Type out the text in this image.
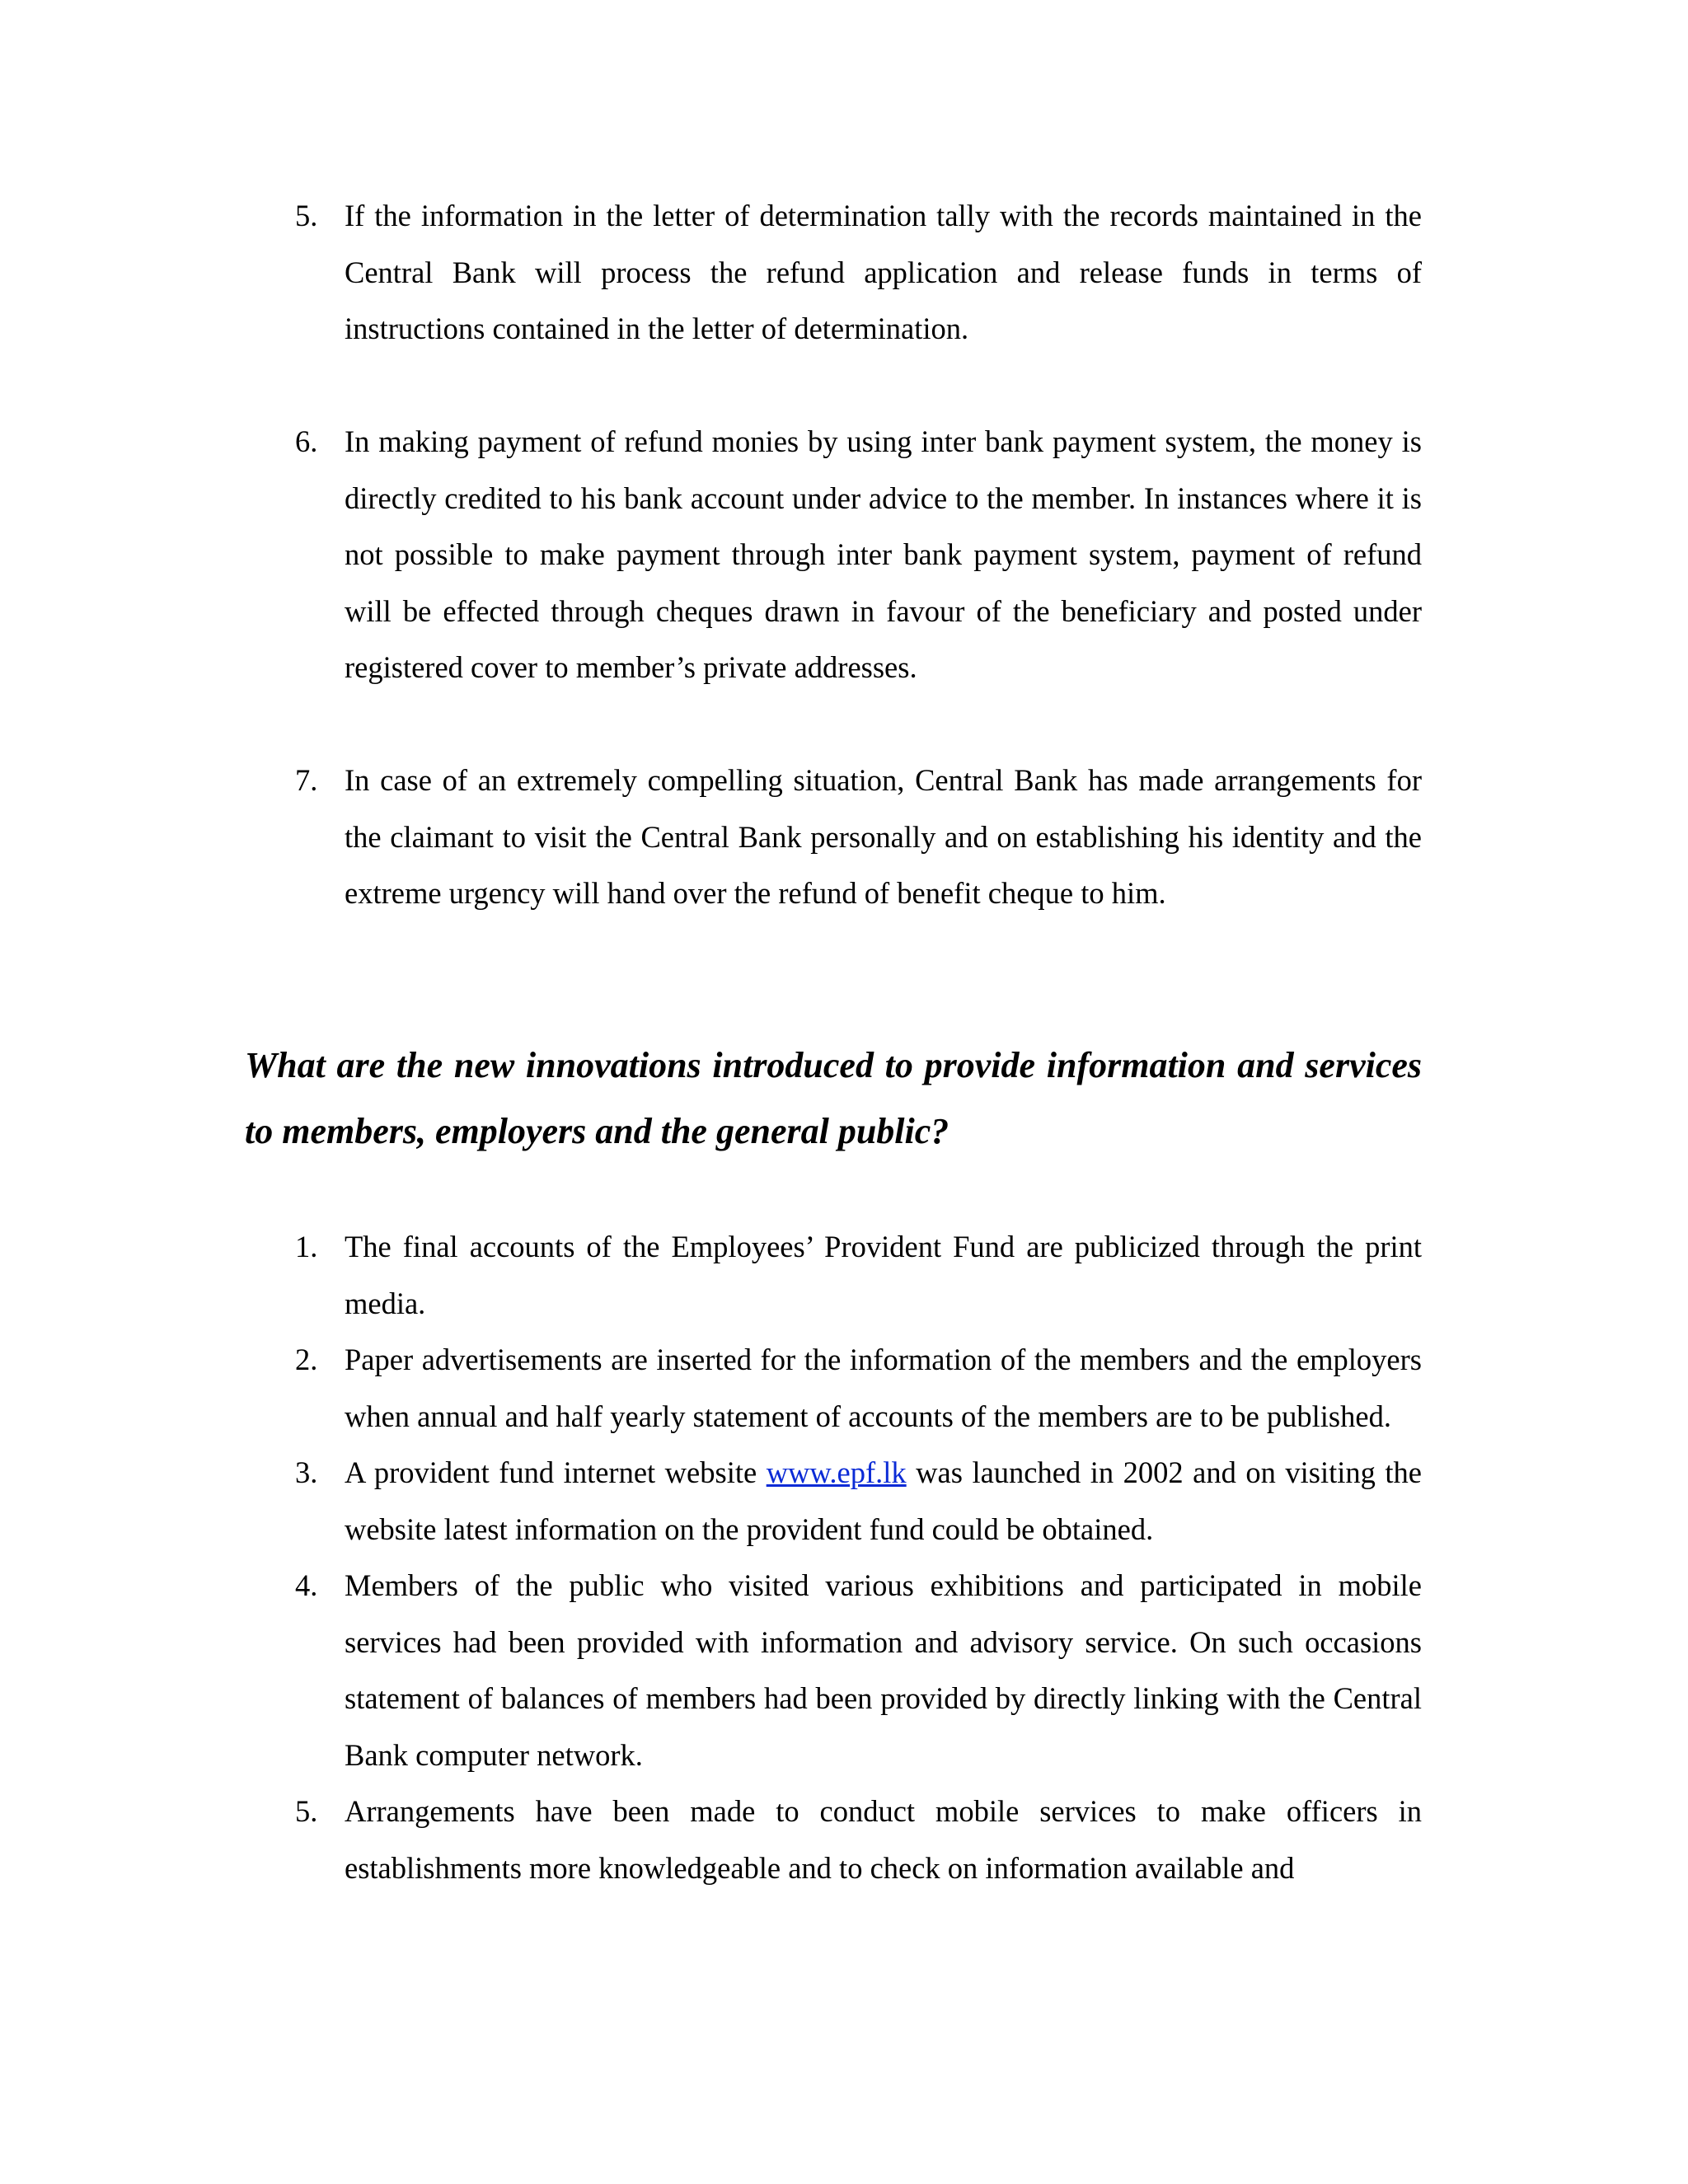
5. If the information in the letter of determination tally with the records maintained in the Central Bank will process the refund application and release funds in terms of instructions contained in the letter of determination.
6. In making payment of refund monies by using inter bank payment system, the money is directly credited to his bank account under advice to the member. In instances where it is not possible to make payment through inter bank payment system, payment of refund will be effected through cheques drawn in favour of the beneficiary and posted under registered cover to member’s private addresses.
7. In case of an extremely compelling situation, Central Bank has made arrangements for the claimant to visit the Central Bank personally and on establishing his identity and the extreme urgency will hand over the refund of benefit cheque to him.
What are the new innovations introduced to provide information and services to members, employers and the general public?
1. The final accounts of the Employees’ Provident Fund are publicized through the print media.
2. Paper advertisements are inserted for the information of the members and the employers when annual and half yearly statement of accounts of the members are to be published.
3. A provident fund internet website www.epf.lk was launched in 2002 and on visiting the website latest information on the provident fund could be obtained.
4. Members of the public who visited various exhibitions and participated in mobile services had been provided with information and advisory service. On such occasions statement of balances of members had been provided by directly linking with the Central Bank computer network.
5. Arrangements have been made to conduct mobile services to make officers in establishments more knowledgeable and to check on information available and
